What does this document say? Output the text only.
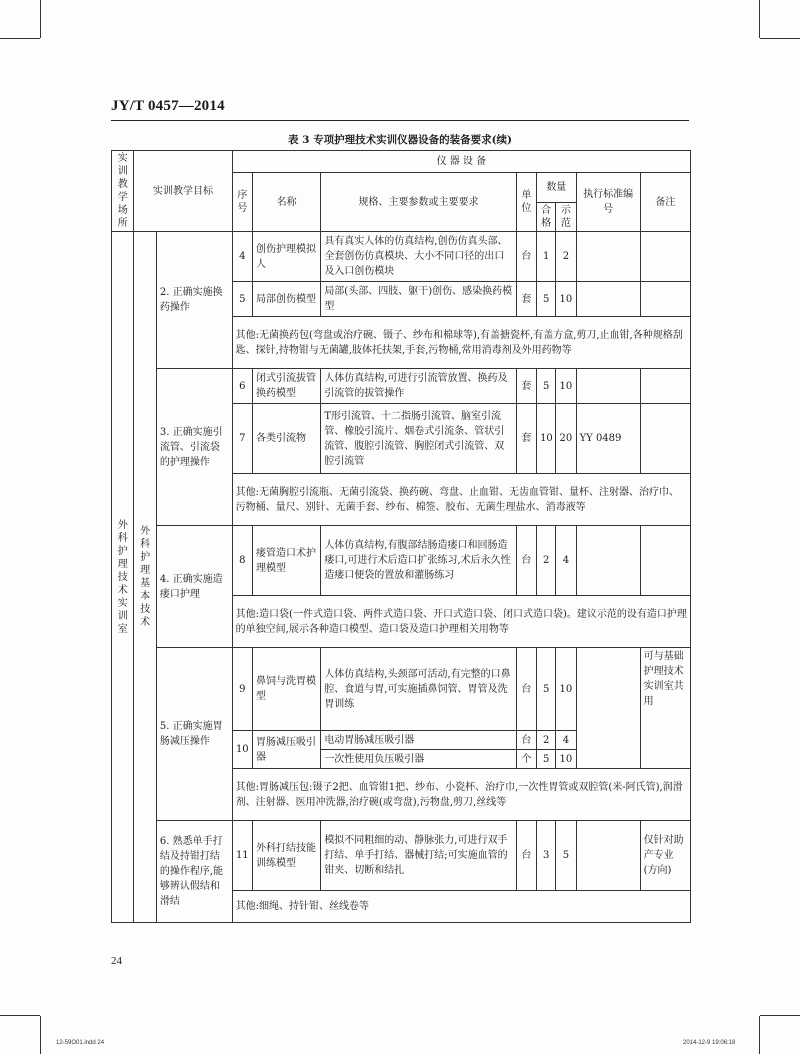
JY/T 0457—2014
表 3 专项护理技术实训仪器设备的装备要求(续)
实训教学场所	实训教学目标		仪 器 设 备							
			序号	名称	规格、主要参数或主要要求	单位	数量		执行标准编号	备注
							合格	示范		
外科护理技术实训室	外科护理基本技术	2. 正确实施换药操作	4	创伤护理模拟人	具有真实人体的仿真结构,创伤仿真头部、全套创伤仿真模块、大小不同口径的出口及入口创伤模块	台	1	2		
			5	局部创伤模型	局部(头部、四肢、躯干)创伤、感染换药模型	套	5	10		
			其他:无菌换药包(弯盘或治疗碗、镊子、纱布和棉球等),有盖搪瓷杯,有盖方盒,剪刀,止血钳,各种规格刮匙、探针,持物钳与无菌罐,肢体托扶架,手套,污物桶,常用消毒剂及外用药物等							
		3. 正确实施引流管、引流袋的护理操作	6	闭式引流拔管换药模型	人体仿真结构,可进行引流管放置、换药及引流管的拔管操作	套	5	10		
			7	各类引流物	T形引流管、十二指肠引流管、脑室引流管、橡胶引流片、烟卷式引流条、管状引流管、腹腔引流管、胸腔闭式引流管、双腔引流管	套	10	20	YY 0489	
			其他:无菌胸腔引流瓶、无菌引流袋、换药碗、弯盘、止血钳、无齿血管钳、量杯、注射器、治疗巾、污物桶、量尺、别针、无菌手套、纱布、棉签、胶布、无菌生理盐水、消毒液等							
		4. 正确实施造瘘口护理	8	瘘管造口术护理模型	人体仿真结构,有腹部结肠造瘘口和回肠造瘘口,可进行术后造口扩张练习,术后永久性造瘘口便袋的置放和灌肠练习	台	2	4		
			其他:造口袋(一件式造口袋、两件式造口袋、开口式造口袋、闭口式造口袋)。建议示范的设有造口护理的单独空间,展示各种造口模型、造口袋及造口护理相关用物等							
		5. 正确实施胃肠减压操作	9	鼻饲与洗胃模型	人体仿真结构,头颈部可活动,有完整的口鼻腔、食道与胃,可实施插鼻饲管、胃管及洗胃训练	台	5	10		可与基础护理技术实训室共用
			10	胃肠减压吸引器	电动胃肠减压吸引器	台	2	4		
					一次性使用负压吸引器	个	5	10		
			其他:胃肠减压包:镊子2把、血管钳1把、纱布、小瓷杯、治疗巾,一次性胃管或双腔管(米-阿氏管),润滑剂、注射器、医用冲洗器,治疗碗(或弯盘),污物盘,剪刀,丝线等							
		6. 熟悉单手打结及持钳打结的操作程序,能够辨认假结和滑结	11	外科打结技能训练模型	模拟不同粗细的动、静脉张力,可进行双手打结、单手打结、器械打结;可实施血管的钳夹、切断和结扎	台	3	5		仅针对助产专业(方向)
			其他:细绳、持针钳、丝线卷等							
24
12-59O01.indd 24	2014-12-9 19:06:18
